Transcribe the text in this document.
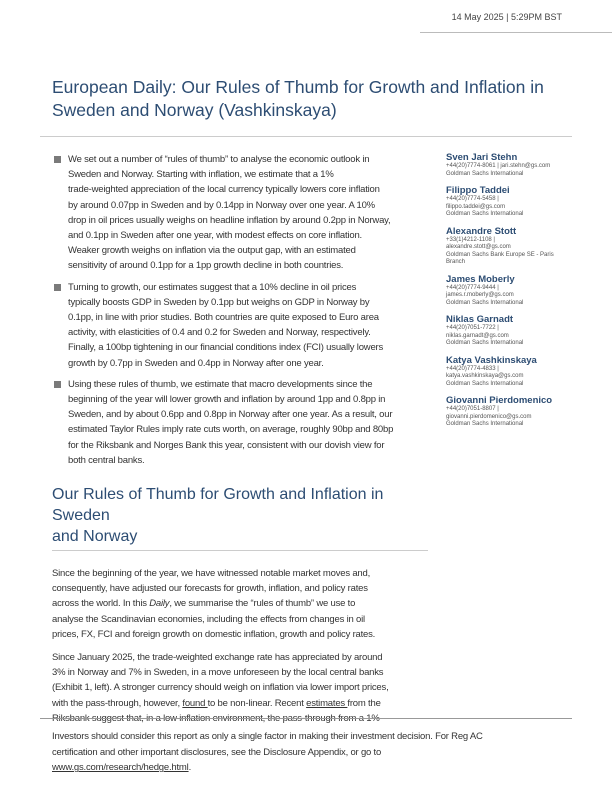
14 May 2025 | 5:29PM BST
European Daily: Our Rules of Thumb for Growth and Inflation in
Sweden and Norway (Vashkinskaya)
We set out a number of “rules of thumb” to analyse the economic outlook in
Sweden and Norway. Starting with inflation, we estimate that a 1%
trade-weighted appreciation of the local currency typically lowers core inflation
by around 0.07pp in Sweden and by 0.14pp in Norway over one year. A 10%
drop in oil prices usually weighs on headline inflation by around 0.2pp in Norway,
and 0.1pp in Sweden after one year, with modest effects on core inflation.
Weaker growth weighs on inflation via the output gap, with an estimated
sensitivity of around 0.1pp for a 1pp growth decline in both countries.
Turning to growth, our estimates suggest that a 10% decline in oil prices
typically boosts GDP in Sweden by 0.1pp but weighs on GDP in Norway by
0.1pp, in line with prior studies. Both countries are quite exposed to Euro area
activity, with elasticities of 0.4 and 0.2 for Sweden and Norway, respectively.
Finally, a 100bp tightening in our financial conditions index (FCI) usually lowers
growth by 0.7pp in Sweden and 0.4pp in Norway after one year.
Using these rules of thumb, we estimate that macro developments since the
beginning of the year will lower growth and inflation by around 1pp and 0.8pp in
Sweden, and by about 0.6pp and 0.8pp in Norway after one year. As a result, our
estimated Taylor Rules imply rate cuts worth, on average, roughly 90bp and 80bp
for the Riksbank and Norges Bank this year, consistent with our dovish view for
both central banks.
Our Rules of Thumb for Growth and Inflation in Sweden
and Norway
Since the beginning of the year, we have witnessed notable market moves and,
consequently, have adjusted our forecasts for growth, inflation, and policy rates
across the world. In this Daily, we summarise the “rules of thumb” we use to
analyse the Scandinavian economies, including the effects from changes in oil
prices, FX, FCI and foreign growth on domestic inflation, growth and policy rates.
Since January 2025, the trade-weighted exchange rate has appreciated by around
3% in Norway and 7% in Sweden, in a move unforeseen by the local central banks
(Exhibit 1, left). A stronger currency should weigh on inflation via lower import prices,
with the pass-through, however, found to be non-linear. Recent estimates from the
Sven Jari Stehn
+44(20)7774-8061 | jari.stehn@gs.com
Goldman Sachs International
Filippo Taddei
+44(20)7774-5458 |
filippo.taddei@gs.com
Goldman Sachs International
Alexandre Stott
+33(1)4212-1108 |
alexandre.stott@gs.com
Goldman Sachs Bank Europe SE - Paris
Branch
James Moberly
+44(20)7774-9444 |
james.r.moberly@gs.com
Goldman Sachs International
Niklas Garnadt
+44(20)7051-7722 |
niklas.garnadt@gs.com
Goldman Sachs International
Katya Vashkinskaya
+44(20)7774-4833 |
katya.vashkinskaya@gs.com
Goldman Sachs International
Giovanni Pierdomenico
+44(20)7051-8807 |
giovanni.pierdomenico@gs.com
Goldman Sachs International
Investors should consider this report as only a single factor in making their investment decision. For Reg AC
certification and other important disclosures, see the Disclosure Appendix, or go to
www.gs.com/research/hedge.html.
